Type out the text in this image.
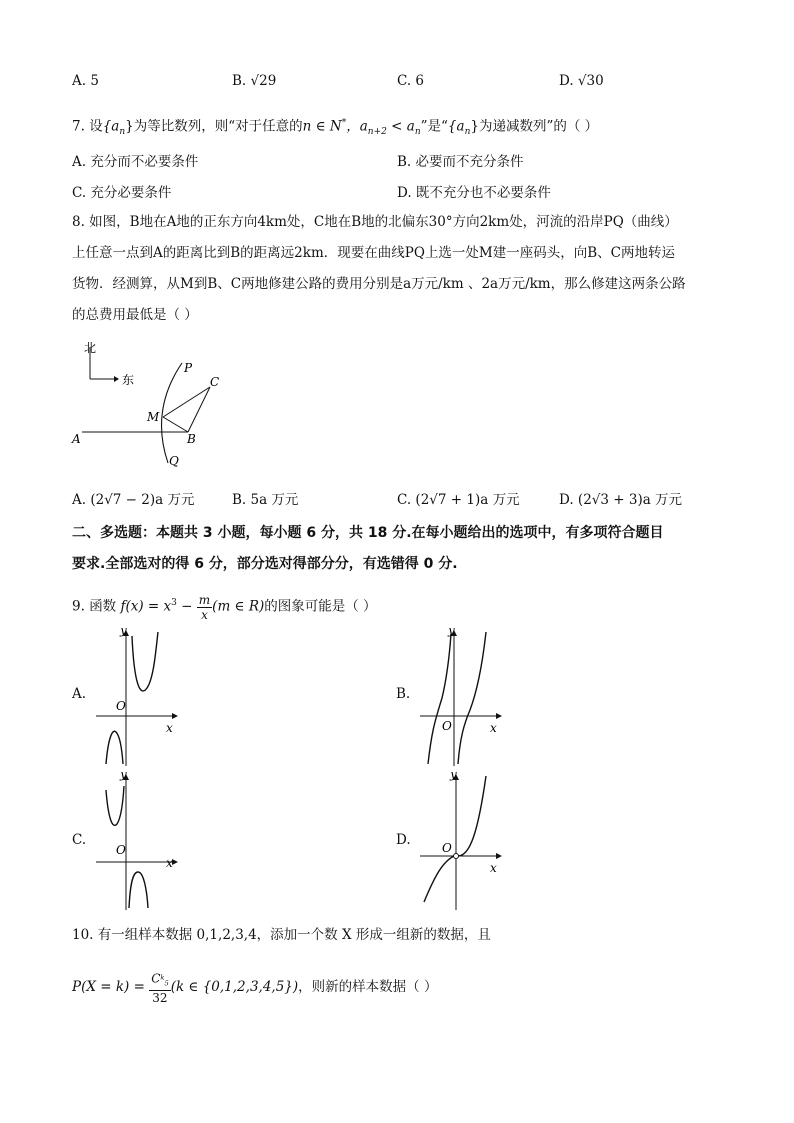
A. 5	B. √29	C. 6	D. √30
7. 设$\{a_n\}$为等比数列，则“对于任意的n ∈ N*，$a_{n+2} < a_n$”是“$\{a_n\}$为递减数列”的（ ）
A. 充分而不必要条件	B. 必要而不充分条件
C. 充分必要条件	D. 既不充分也不必要条件
8. 如图，B地在A地的正东方向4km处，C地在B地的北偏东30°方向2km处，河流的沿岸PQ（曲线）
上任意一点到A的距离比到B的距离远2km．现要在曲线PQ上选一处M建一座码头，向B、C两地转运
货物．经测算，从M到B、C两地修建公路的费用分别是a万元/km 、2a万元/km，那么修建这两条公路
的总费用最低是（ ）
北
东
P
C
M
A	B
Q
A. (2√7 − 2)a 万元	B. 5a 万元	C. (2√7 + 1)a 万元	D. (2√3 + 3)a 万元
二、多选题：本题共 3 小题，每小题 6 分，共 18 分.在每小题给出的选项中，有多项符合题目
要求.全部选对的得 6 分，部分选对得部分分，有选错得 0 分.
9. 函数 $f(x) = x^3 - \frac{m}{x} (m$ ∈ R)的图象可能是（ ）
A.
y
x
O
B.
y
x
O
C.
y
x
O
D.
y
x
O
10. 有一组样本数据 0,1,2,3,4，添加一个数 X 形成一组新的数据，且
$P(X = k) = \frac{C^k_5}{32} (k$ ∈ {0,1,2,3,4,5})，则新的样本数据（ ）
